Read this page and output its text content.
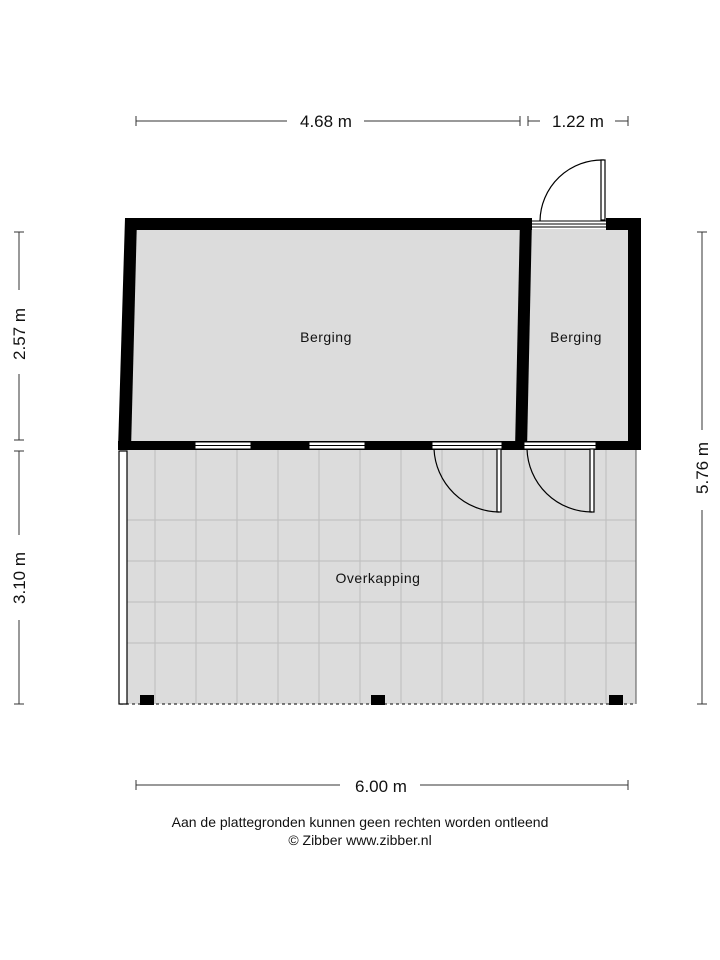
4.68 m	1.22 m
2.57 m
3.10 m
5.76 m
6.00 m
Berging	Berging
Overkapping
Aan de plattegronden kunnen geen rechten worden ontleend
© Zibber www.zibber.nl
